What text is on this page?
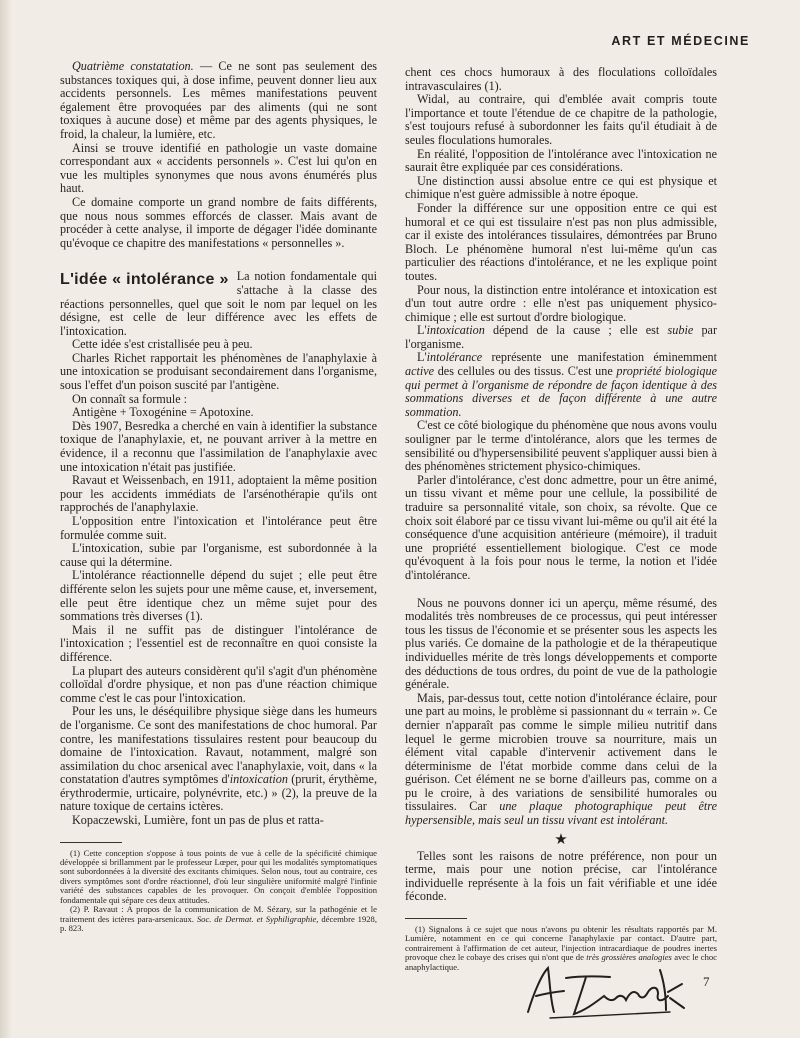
ART ET MÉDECINE

Quatrième constatation. — Ce ne sont pas seulement des substances toxiques qui, à dose infime, peuvent donner lieu aux accidents personnels. Les mêmes manifestations peuvent également être provoquées par des aliments (qui ne sont toxiques à aucune dose) et même par des agents physiques, le froid, la chaleur, la lumière, etc.

Ainsi se trouve identifié en pathologie un vaste domaine correspondant aux « accidents personnels ». C'est lui qu'on en vue les multiples synonymes que nous avons énumérés plus haut.

Ce domaine comporte un grand nombre de faits différents, que nous nous sommes efforcés de classer. Mais avant de procéder à cette analyse, il importe de dégager l'idée dominante qu'évoque ce chapitre des manifestations « personnelles ».

L'idée « intolérance » La notion fondamentale qui s'attache à la classe des réactions personnelles, quel que soit le nom par lequel on les désigne, est celle de leur différence avec les effets de l'intoxication.

Cette idée s'est cristallisée peu à peu.

Charles Richet rapportait les phénomènes de l'anaphylaxie à une intoxication se produisant secondairement dans l'organisme, sous l'effet d'un poison suscité par l'antigène.

On connaît sa formule :

Antigène + Toxogénine = Apotoxine.

Dès 1907, Besredka a cherché en vain à identifier la substance toxique de l'anaphylaxie, et, ne pouvant arriver à la mettre en évidence, il a reconnu que l'assimilation de l'anaphylaxie avec une intoxication n'était pas justifiée.

Ravaut et Weissenbach, en 1911, adoptaient la même position pour les accidents immédiats de l'arsénothérapie qu'ils ont rapprochés de l'anaphylaxie.

L'opposition entre l'intoxication et l'intolérance peut être formulée comme suit.

L'intoxication, subie par l'organisme, est subordonnée à la cause qui la détermine.

L'intolérance réactionnelle dépend du sujet ; elle peut être différente selon les sujets pour une même cause, et, inversement, elle peut être identique chez un même sujet pour des sommations très diverses (1).

Mais il ne suffit pas de distinguer l'intolérance de l'intoxication ; l'essentiel est de reconnaître en quoi consiste la différence.

La plupart des auteurs considèrent qu'il s'agit d'un phénomène colloïdal d'ordre physique, et non pas d'une réaction chimique comme c'est le cas pour l'intoxication.

Pour les uns, le déséquilibre physique siège dans les humeurs de l'organisme. Ce sont des manifestations de choc humoral. Par contre, les manifestations tissulaires restent pour beaucoup du domaine de l'intoxication. Ravaut, notamment, malgré son assimilation du choc arsenical avec l'anaphylaxie, voit, dans « la constatation d'autres symptômes d'intoxication (prurit, érythème, érythrodermie, urticaire, polynévrite, etc.) » (2), la preuve de la nature toxique de certains ictères.

Kopaczewski, Lumière, font un pas de plus et ratta-

(1) Cette conception s'oppose à tous points de vue à celle de la spécificité chimique développée si brillamment par le professeur Lœper, pour qui les modalités symptomatiques sont subordonnées à la diversité des excitants chimiques. Selon nous, tout au contraire, ces divers symptômes sont d'ordre réactionnel, d'où leur singulière uniformité malgré l'infinie variété des substances capables de les provoquer. On conçoit d'emblée l'opposition fondamentale qui sépare ces deux attitudes.

(2) P. Ravaut : A propos de la communication de M. Sézary, sur la pathogénie et le traitement des ictères para-arsenicaux. Soc. de Dermat. et Syphiligraphie, décembre 1928, p. 823.

chent ces chocs humoraux à des floculations colloïdales intravasculaires (1).

Widal, au contraire, qui d'emblée avait compris toute l'importance et toute l'étendue de ce chapitre de la pathologie, s'est toujours refusé à subordonner les faits qu'il étudiait à de seules floculations humorales.

En réalité, l'opposition de l'intolérance avec l'intoxication ne saurait être expliquée par ces considérations.

Une distinction aussi absolue entre ce qui est physique et chimique n'est guère admissible à notre époque.

Fonder la différence sur une opposition entre ce qui est humoral et ce qui est tissulaire n'est pas non plus admissible, car il existe des intolérances tissulaires, démontrées par Bruno Bloch. Le phénomène humoral n'est lui-même qu'un cas particulier des réactions d'intolérance, et ne les explique point toutes.

Pour nous, la distinction entre intolérance et intoxication est d'un tout autre ordre : elle n'est pas uniquement physico-chimique ; elle est surtout d'ordre biologique.

L'intoxication dépend de la cause ; elle est subie par l'organisme.

L'intolérance représente une manifestation éminemment active des cellules ou des tissus. C'est une propriété biologique qui permet à l'organisme de répondre de façon identique à des sommations diverses et de façon différente à une autre sommation.

C'est ce côté biologique du phénomène que nous avons voulu souligner par le terme d'intolérance, alors que les termes de sensibilité ou d'hypersensibilité peuvent s'appliquer aussi bien à des phénomènes strictement physico-chimiques.

Parler d'intolérance, c'est donc admettre, pour un être animé, un tissu vivant et même pour une cellule, la possibilité de traduire sa personnalité vitale, son choix, sa révolte. Que ce choix soit élaboré par ce tissu vivant lui-même ou qu'il ait été la conséquence d'une acquisition antérieure (mémoire), il traduit une propriété essentiellement biologique. C'est ce mode qu'évoquent à la fois pour nous le terme, la notion et l'idée d'intolérance.

Nous ne pouvons donner ici un aperçu, même résumé, des modalités très nombreuses de ce processus, qui peut intéresser tous les tissus de l'économie et se présenter sous les aspects les plus variés. Ce domaine de la pathologie et de la thérapeutique individuelles mérite de très longs développements et comporte des déductions de tous ordres, du point de vue de la pathologie générale.

Mais, par-dessus tout, cette notion d'intolérance éclaire, pour une part au moins, le problème si passionnant du « terrain ». Ce dernier n'apparaît pas comme le simple milieu nutritif dans lequel le germe microbien trouve sa nourriture, mais un élément vital capable d'intervenir activement dans le déterminisme de l'état morbide comme dans celui de la guérison. Cet élément ne se borne d'ailleurs pas, comme on a pu le croire, à des variations de sensibilité humorales ou tissulaires. Car une plaque photographique peut être hypersensible, mais seul un tissu vivant est intolérant.

★

Telles sont les raisons de notre préférence, non pour un terme, mais pour une notion précise, car l'intolérance individuelle représente à la fois un fait vérifiable et une idée féconde.

(1) Signalons à ce sujet que nous n'avons pu obtenir les résultats rapportés par M. Lumière, notamment en ce qui concerne l'anaphylaxie par contact. D'autre part, contrairement à l'affirmation de cet auteur, l'injection intracardiaque de poudres inertes provoque chez le cobaye des crises qui n'ont que de très grossières analogies avec le choc anaphylactique.

7
